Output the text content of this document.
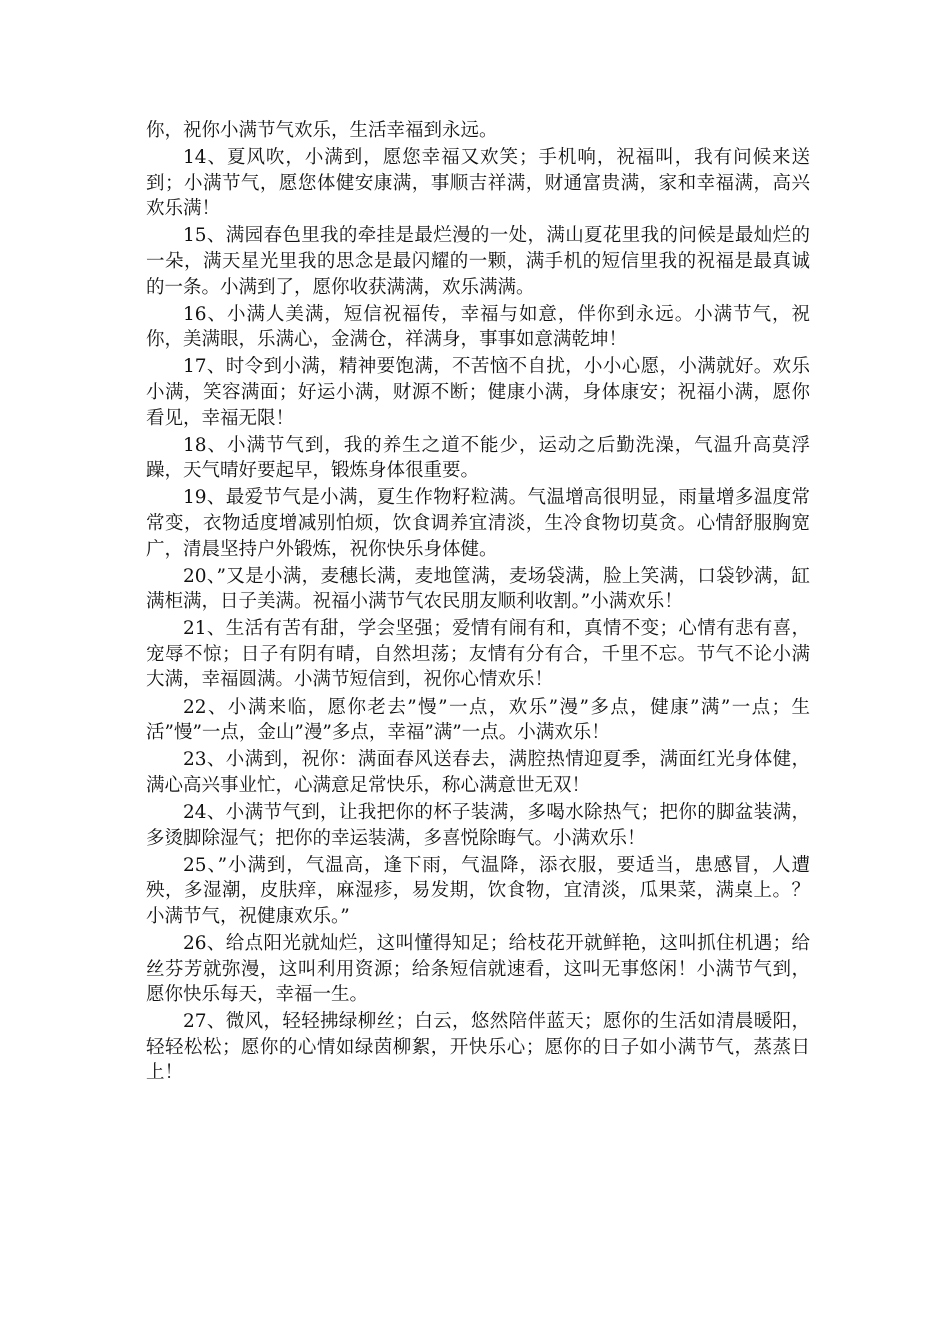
你，祝你小满节气欢乐，生活幸福到永远。

14、夏风吹，小满到，愿您幸福又欢笑；手机响，祝福叫，我有问候来送到；小满节气，愿您体健安康满，事顺吉祥满，财通富贵满，家和幸福满，高兴欢乐满！

15、满园春色里我的牵挂是最烂漫的一处，满山夏花里我的问候是最灿烂的一朵，满天星光里我的思念是最闪耀的一颗，满手机的短信里我的祝福是最真诚的一条。小满到了，愿你收获满满，欢乐满满。

16、小满人美满，短信祝福传，幸福与如意，伴你到永远。小满节气，祝你，美满眼，乐满心，金满仓，祥满身，事事如意满乾坤！

17、时令到小满，精神要饱满，不苦恼不自扰，小小心愿，小满就好。欢乐小满，笑容满面；好运小满，财源不断；健康小满，身体康安；祝福小满，愿你看见，幸福无限！

18、小满节气到，我的养生之道不能少，运动之后勤洗澡，气温升高莫浮躁，天气晴好要起早，锻炼身体很重要。

19、最爱节气是小满，夏生作物籽粒满。气温增高很明显，雨量增多温度常常变，衣物适度增减别怕烦，饮食调养宜清淡，生冷食物切莫贪。心情舒服胸宽广，清晨坚持户外锻炼，祝你快乐身体健。

20、”又是小满，麦穗长满，麦地筐满，麦场袋满，脸上笑满，口袋钞满，缸满柜满，日子美满。祝福小满节气农民朋友顺利收割。”小满欢乐！

21、生活有苦有甜，学会坚强；爱情有闹有和，真情不变；心情有悲有喜，宠辱不惊；日子有阴有晴，自然坦荡；友情有分有合，千里不忘。节气不论小满大满，幸福圆满。小满节短信到，祝你心情欢乐！

22、小满来临，愿你老去”慢”一点，欢乐”漫”多点，健康”满”一点；生活”慢”一点，金山”漫”多点，幸福”满”一点。小满欢乐！

23、小满到，祝你：满面春风送春去，满腔热情迎夏季，满面红光身体健，满心高兴事业忙，心满意足常快乐，称心满意世无双！

24、小满节气到，让我把你的杯子装满，多喝水除热气；把你的脚盆装满，多烫脚除湿气；把你的幸运装满，多喜悦除晦气。小满欢乐！

25、”小满到，气温高，逢下雨，气温降，添衣服，要适当，患感冒，人遭殃，多湿潮，皮肤痒，麻湿疹，易发期，饮食物，宜清淡，瓜果菜，满桌上。？小满节气，祝健康欢乐。”

26、给点阳光就灿烂，这叫懂得知足；给枝花开就鲜艳，这叫抓住机遇；给丝芬芳就弥漫，这叫利用资源；给条短信就速看，这叫无事悠闲！小满节气到，愿你快乐每天，幸福一生。

27、微风，轻轻拂绿柳丝；白云，悠然陪伴蓝天；愿你的生活如清晨暖阳，轻轻松松；愿你的心情如绿茵柳絮，开快乐心；愿你的日子如小满节气，蒸蒸日上！
